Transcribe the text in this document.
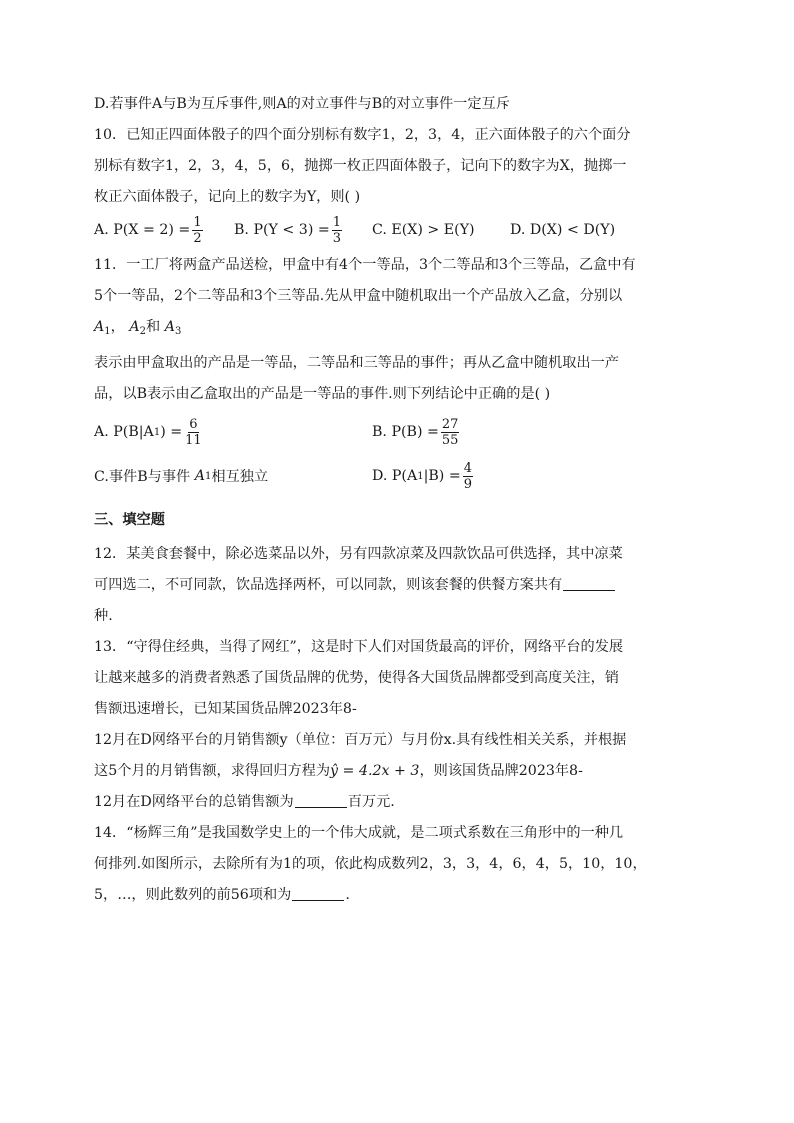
D.若事件A与B为互斥事件,则A的对立事件与B的对立事件一定互斥

10．已知正四面体骰子的四个面分别标有数字1，2，3，4，正六面体骰子的六个面分

别标有数字1，2，3，4，5，6，抛掷一枚正四面体骰子，记向下的数字为X，抛掷一

枚正六面体骰子，记向上的数字为Y，则( )

A. $P(X = 2) = \frac{1}{2} B$. $P(Y < 3) = \frac{1}{3} C$. E(X) > E(Y)	D. D(X) < D(Y)

11．一工厂将两盒产品送检，甲盒中有4个一等品，3个二等品和3个三等品，乙盒中有

5个一等品，2个二等品和3个三等品.先从甲盒中随机取出一个产品放入乙盒，分别以

$A_1$， $A_2$和 $A_3$

表示由甲盒取出的产品是一等品，二等品和三等品的事件；再从乙盒中随机取出一产

品，以B表示由乙盒取出的产品是一等品的事件.则下列结论中正确的是( )

A. P(B|A 1 ) = $\frac{6}{11}$	B. $P(B) = \frac{27}{55}$
C.事件B与事件
A 1 相互独立	D. P(A 1 $|B) = \frac{4}{9}$

三、填空题

12．某美食套餐中，除必选菜品以外，另有四款凉菜及四款饮品可供选择，其中凉菜

可四选二，不可同款，饮品选择两杯，可以同款，则该套餐的供餐方案共有

种.

13．“守得住经典，当得了网红”，这是时下人们对国货最高的评价，网络平台的发展

让越来越多的消费者熟悉了国货品牌的优势，使得各大国货品牌都受到高度关注，销

售额迅速增长，已知某国货品牌2023年8-

12月在D网络平台的月销售额y（单位：百万元）与月份x.具有线性相关关系，并根据

这5个月的月销售额，求得回归方程为ŷ = 4.2x + 3，则该国货品牌2023年8-

12月在D网络平台的总销售额为	百万元.

14．“杨辉三角”是我国数学史上的一个伟大成就，是二项式系数在三角形中的一种几

何排列.如图所示，去除所有为1的项，依此构成数列2，3，3，4，6，4，5，10，10，

5，…，则此数列的前56项和为	.
